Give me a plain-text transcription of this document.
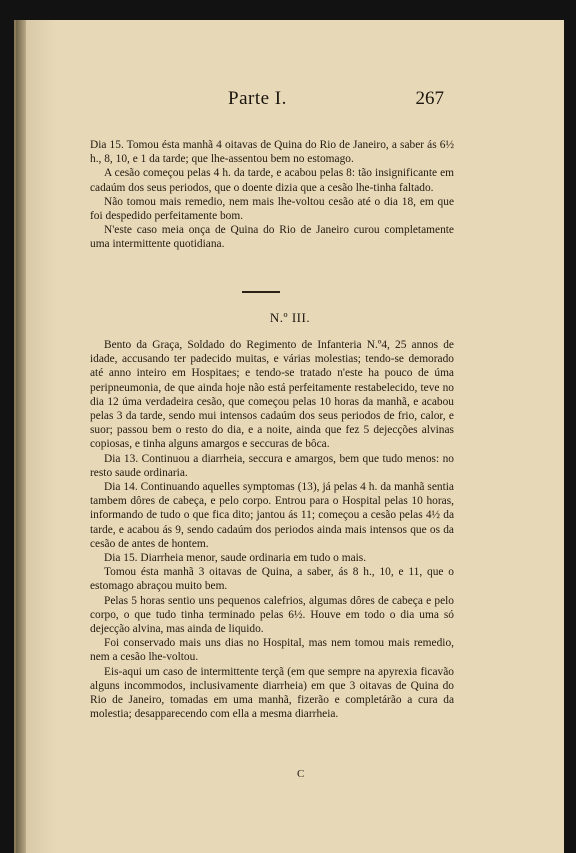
Parte I.	267

Dia 15. Tomou ésta manhã 4 oitavas de Quina do Rio de Janeiro, a saber ás 6½ h., 8, 10, e 1 da tarde; que lhe-assentou bem no estomago.

A cesão começou pelas 4 h. da tarde, e acabou pelas 8: tão insignificante em cadaúm dos seus periodos, que o doente dizia que a cesão lhe-tinha faltado.

Não tomou mais remedio, nem mais lhe-voltou cesão até o dia 18, em que foi despedido perfeitamente bom.

N'este caso meia onça de Quina do Rio de Janeiro curou completamente uma intermittente quotidiana.

N.º III.

Bento da Graça, Soldado do Regimento de Infanteria N.º4, 25 annos de idade, accusando ter padecido muitas, e várias molestias; tendo-se demorado até anno inteiro em Hospitaes; e tendo-se tratado n'este ha pouco de úma peripneumonia, de que ainda hoje não está perfeitamente restabelecido, teve no dia 12 úma verdadeira cesão, que começou pelas 10 horas da manhã, e acabou pelas 3 da tarde, sendo mui intensos cadaúm dos seus periodos de frio, calor, e suor; passou bem o resto do dia, e a noite, ainda que fez 5 dejecções alvinas copiosas, e tinha alguns amargos e seccuras de bôca.

Dia 13. Continuou a diarrheia, seccura e amargos, bem que tudo menos: no resto saude ordinaria.

Dia 14. Continuando aquelles symptomas (13), já pelas 4 h. da manhã sentia tambem dôres de cabeça, e pelo corpo. Entrou para o Hospital pelas 10 horas, informando de tudo o que fica dito; jantou ás 11; começou a cesão pelas 4½ da tarde, e acabou ás 9, sendo cadaúm dos periodos ainda mais intensos que os da cesão de antes de hontem.

Dia 15. Diarrheia menor, saude ordinaria em tudo o mais.

Tomou ésta manhã 3 oitavas de Quina, a saber, ás 8 h., 10, e 11, que o estomago abraçou muito bem.

Pelas 5 horas sentio uns pequenos calefrios, algumas dôres de cabeça e pelo corpo, o que tudo tinha terminado pelas 6½. Houve em todo o dia uma só dejecção alvina, mas ainda de liquido.

Foi conservado mais uns dias no Hospital, mas nem tomou mais remedio, nem a cesão lhe-voltou.

Eis-aqui um caso de intermittente terçã (em que sempre na apyrexia ficavão alguns incommodos, inclusivamente diarrheia) em que 3 oitavas de Quina do Rio de Janeiro, tomadas em uma manhã, fizerão e completárão a cura da molestia; desapparecendo com ella a mesma diarrheia.

C
